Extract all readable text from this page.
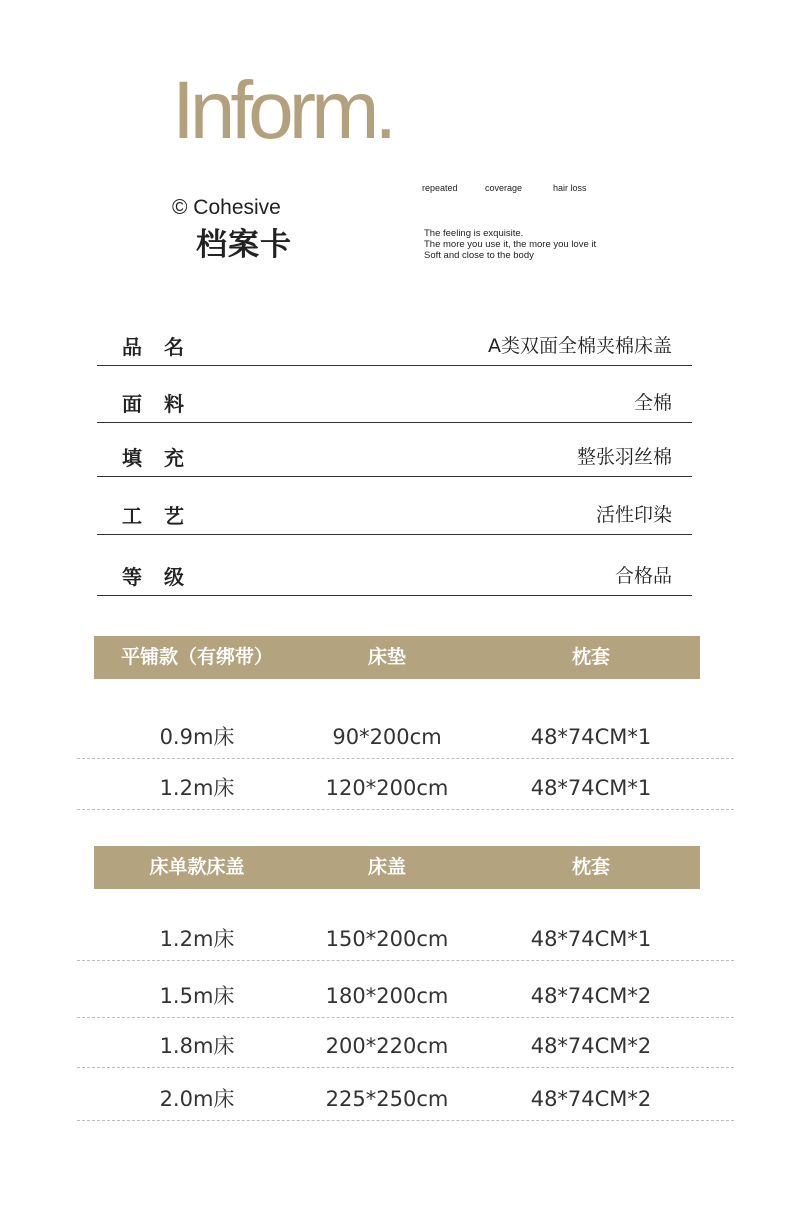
Inform.
© Cohesive
档案卡
repeated	coverage	hair loss
The feeling is exquisite.
The more you use it, the more you love it
Soft and close to the body
品名	A类双面全棉夹棉床盖
面料	全棉
填充	整张羽丝棉
工艺	活性印染
等级	合格品
平铺款（有绑带）	床垫	枕套
0.9m床	90*200cm	48*74CM*1
1.2m床	120*200cm	48*74CM*1
床单款床盖	床盖	枕套
1.2m床	150*200cm	48*74CM*1
1.5m床	180*200cm	48*74CM*2
1.8m床	200*220cm	48*74CM*2
2.0m床	225*250cm	48*74CM*2
